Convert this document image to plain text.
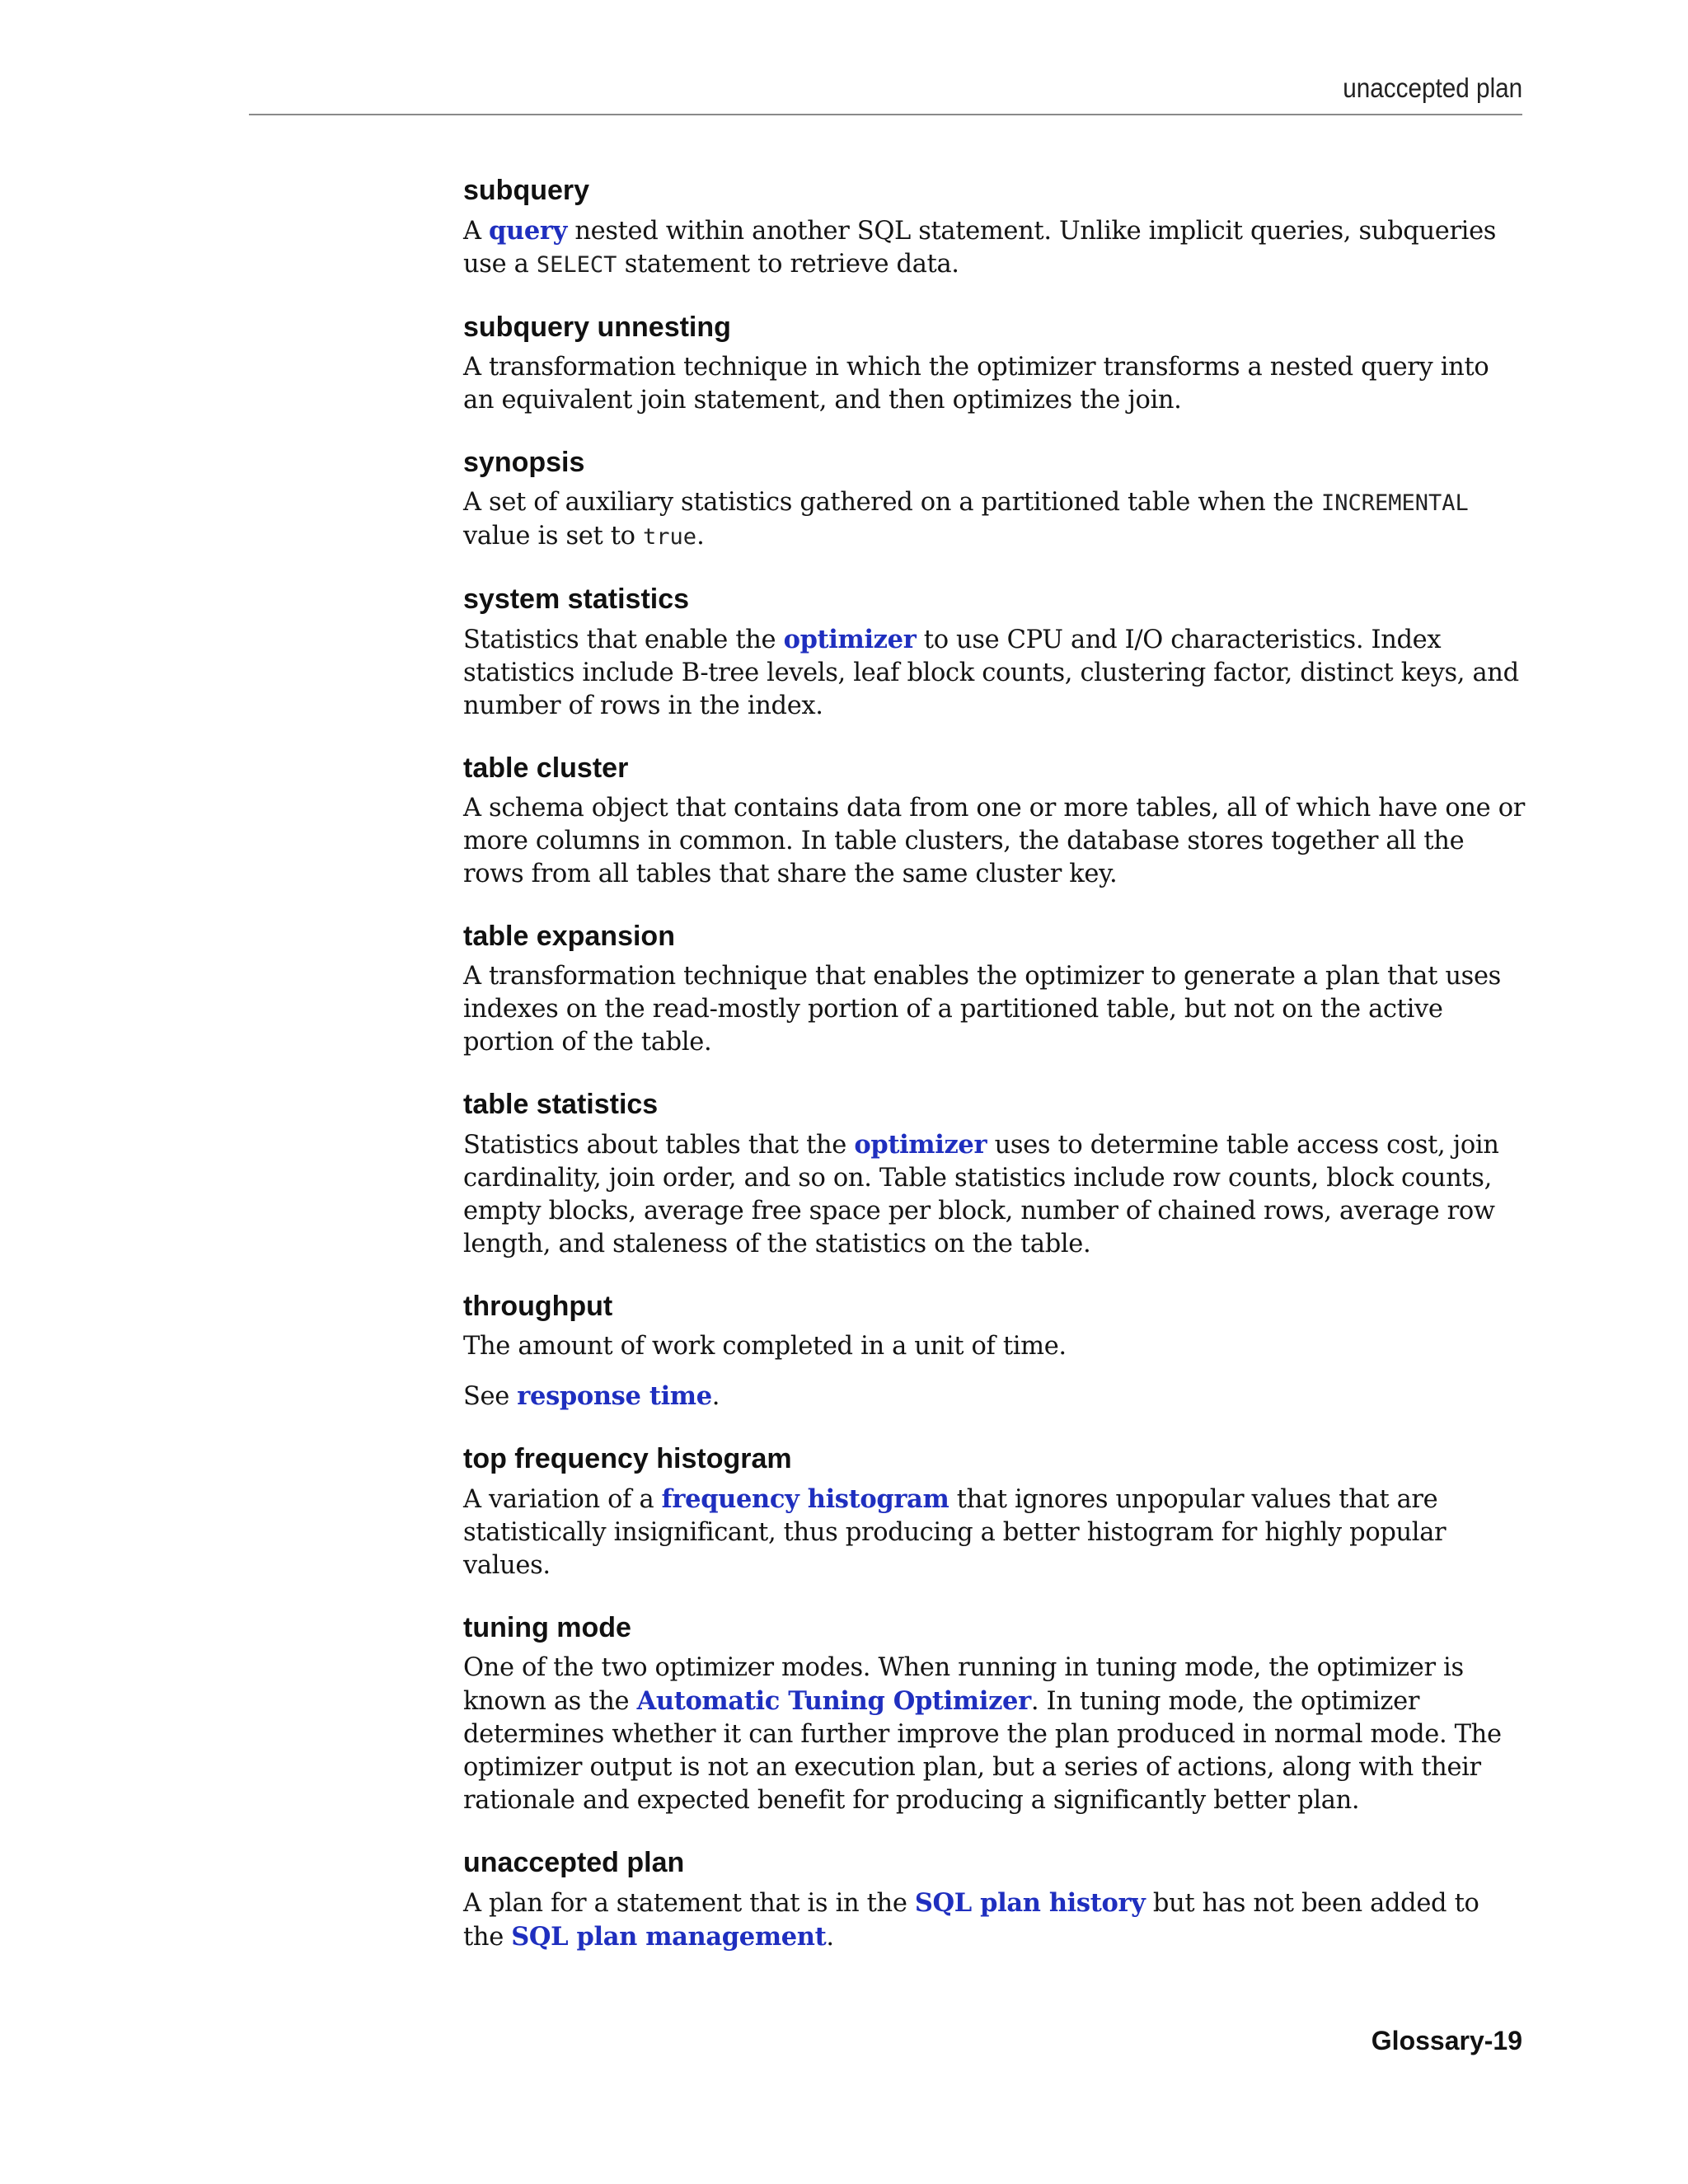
unaccepted plan
subquery

A query nested within another SQL statement. Unlike implicit queries, subqueries use a SELECT statement to retrieve data.

subquery unnesting

A transformation technique in which the optimizer transforms a nested query into an equivalent join statement, and then optimizes the join.

synopsis

A set of auxiliary statistics gathered on a partitioned table when the INCREMENTAL value is set to true.

system statistics

Statistics that enable the optimizer to use CPU and I/O characteristics. Index statistics include B-tree levels, leaf block counts, clustering factor, distinct keys, and number of rows in the index.

table cluster

A schema object that contains data from one or more tables, all of which have one or more columns in common. In table clusters, the database stores together all the rows from all tables that share the same cluster key.

table expansion

A transformation technique that enables the optimizer to generate a plan that uses indexes on the read-mostly portion of a partitioned table, but not on the active portion of the table.

table statistics

Statistics about tables that the optimizer uses to determine table access cost, join cardinality, join order, and so on. Table statistics include row counts, block counts, empty blocks, average free space per block, number of chained rows, average row length, and staleness of the statistics on the table.

throughput

The amount of work completed in a unit of time.

See response time.

top frequency histogram

A variation of a frequency histogram that ignores unpopular values that are statistically insignificant, thus producing a better histogram for highly popular values.

tuning mode

One of the two optimizer modes. When running in tuning mode, the optimizer is known as the Automatic Tuning Optimizer. In tuning mode, the optimizer determines whether it can further improve the plan produced in normal mode. The optimizer output is not an execution plan, but a series of actions, along with their rationale and expected benefit for producing a significantly better plan.

unaccepted plan

A plan for a statement that is in the SQL plan history but has not been added to the SQL plan management.

Glossary-19
